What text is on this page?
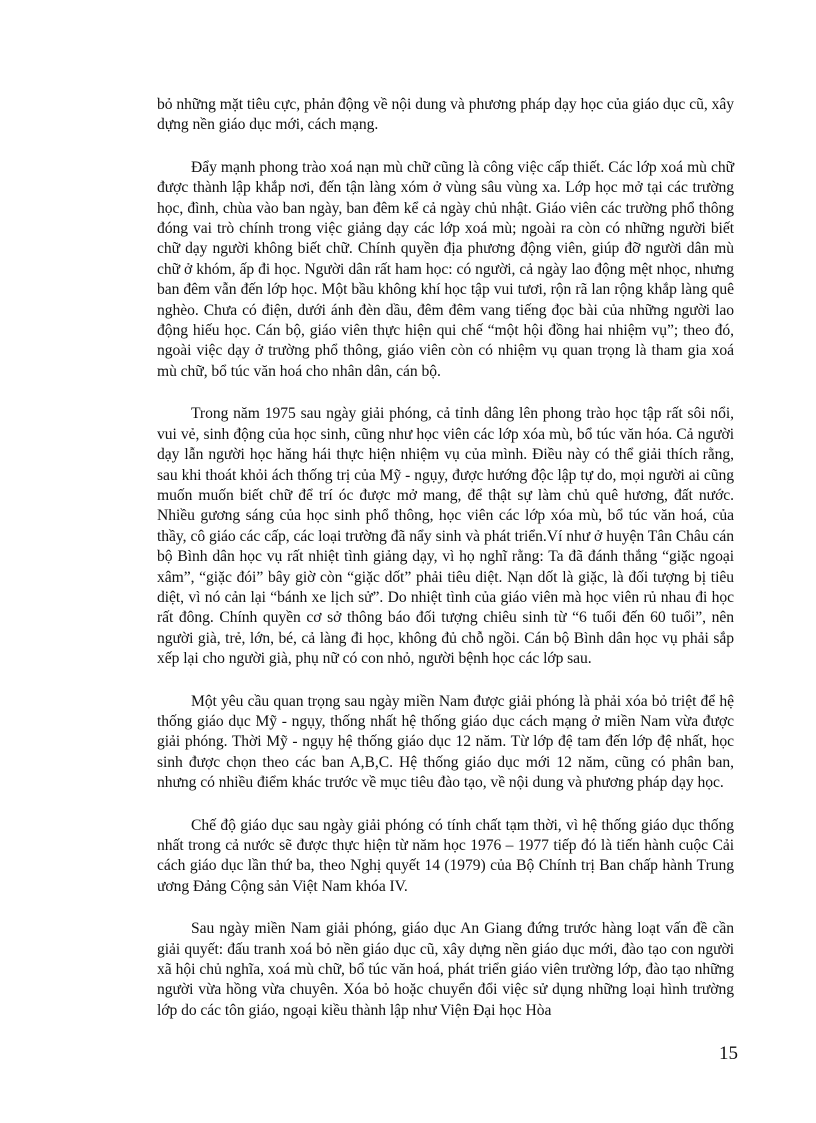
bỏ những mặt tiêu cực, phản động về nội dung và phương pháp dạy học của giáo dục cũ, xây dựng nền giáo dục mới, cách mạng.

Đẩy mạnh phong trào xoá nạn mù chữ cũng là công việc cấp thiết. Các lớp xoá mù chữ được thành lập khắp nơi, đến tận làng xóm ở vùng sâu vùng xa. Lớp học mở tại các trường học, đình, chùa vào ban ngày, ban đêm kể cả ngày chủ nhật. Giáo viên các trường phổ thông đóng vai trò chính trong việc giảng dạy các lớp xoá mù; ngoài ra còn có những người biết chữ dạy người không biết chữ. Chính quyền địa phương động viên, giúp đỡ người dân mù chữ ở khóm, ấp đi học. Người dân rất ham học: có người, cả ngày lao động mệt nhọc, nhưng ban đêm vẫn đến lớp học. Một bầu không khí học tập vui tươi, rộn rã lan rộng khắp làng quê nghèo. Chưa có điện, dưới ánh đèn dầu, đêm đêm vang tiếng đọc bài của những người lao động hiếu học. Cán bộ, giáo viên thực hiện qui chế “một hội đồng hai nhiệm vụ”; theo đó, ngoài việc dạy ở trường phổ thông, giáo viên còn có nhiệm vụ quan trọng là tham gia xoá mù chữ, bổ túc văn hoá cho nhân dân, cán bộ.

Trong năm 1975 sau ngày giải phóng, cả tỉnh dâng lên phong trào học tập rất sôi nổi, vui vẻ, sinh động của học sinh, cũng như học viên các lớp xóa mù, bổ túc văn hóa. Cả người dạy lẫn người học hăng hái thực hiện nhiệm vụ của mình. Điều này có thể giải thích rằng, sau khi thoát khỏi ách thống trị của Mỹ - ngụy, được hướng độc lập tự do, mọi người ai cũng muốn muốn biết chữ để trí óc được mở mang, để thật sự làm chủ quê hương, đất nước. Nhiều gương sáng của học sinh phổ thông, học viên các lớp xóa mù, bổ túc văn hoá, của thầy, cô giáo các cấp, các loại trường đã nẩy sinh và phát triển.Ví như ở huyện Tân Châu cán bộ Bình dân học vụ rất nhiệt tình giảng dạy, vì họ nghĩ rằng: Ta đã đánh thắng “giặc ngoại xâm”, “giặc đói” bây giờ còn “giặc dốt” phải tiêu diệt. Nạn dốt là giặc, là đối tượng bị tiêu diệt, vì nó cản lại “bánh xe lịch sử”. Do nhiệt tình của giáo viên mà học viên rủ nhau đi học rất đông. Chính quyền cơ sở thông báo đối tượng chiêu sinh từ “6 tuổi đến 60 tuổi”, nên người già, trẻ, lớn, bé, cả làng đi học, không đủ chỗ ngồi. Cán bộ Bình dân học vụ phải sắp xếp lại cho người già, phụ nữ có con nhỏ, người bệnh học các lớp sau.

Một yêu cầu quan trọng sau ngày miền Nam được giải phóng là phải xóa bỏ triệt để hệ thống giáo dục Mỹ - ngụy, thống nhất hệ thống giáo dục cách mạng ở miền Nam vừa được giải phóng. Thời Mỹ - ngụy hệ thống giáo dục 12 năm. Từ lớp đệ tam đến lớp đệ nhất, học sinh được chọn theo các ban A,B,C. Hệ thống giáo dục mới 12 năm, cũng có phân ban, nhưng có nhiều điểm khác trước về mục tiêu đào tạo, về nội dung và phương pháp dạy học.

Chế độ giáo dục sau ngày giải phóng có tính chất tạm thời, vì hệ thống giáo dục thống nhất trong cả nước sẽ được thực hiện từ năm học 1976 – 1977 tiếp đó là tiến hành cuộc Cải cách giáo dục lần thứ ba, theo Nghị quyết 14 (1979) của Bộ Chính trị Ban chấp hành Trung ương Đảng Cộng sản Việt Nam khóa IV.

Sau ngày miền Nam giải phóng, giáo dục An Giang đứng trước hàng loạt vấn đề cần giải quyết: đấu tranh xoá bỏ nền giáo dục cũ, xây dựng nền giáo dục mới, đào tạo con người xã hội chủ nghĩa, xoá mù chữ, bổ túc văn hoá, phát triển giáo viên trường lớp, đào tạo những người vừa hồng vừa chuyên. Xóa bỏ hoặc chuyển đổi việc sử dụng những loại hình trường lớp do các tôn giáo, ngoại kiều thành lập như Viện Đại học Hòa

15
